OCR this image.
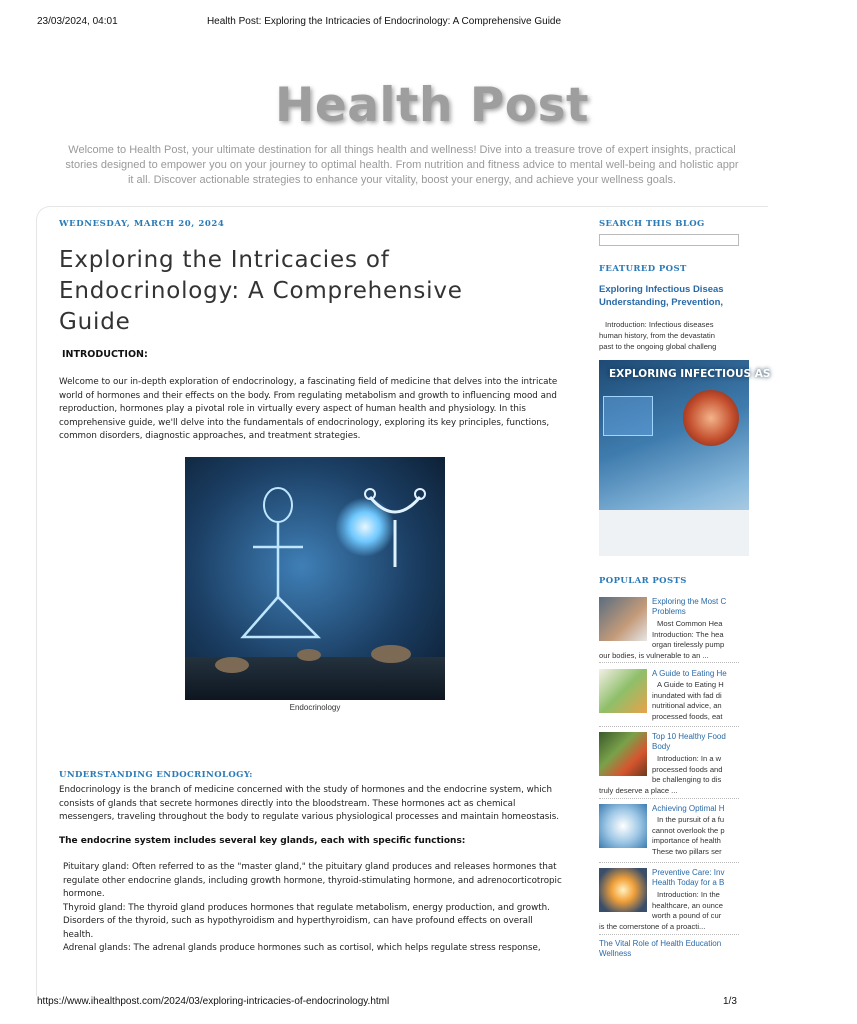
23/03/2024, 04:01	Health Post: Exploring the Intricacies of Endocrinology: A Comprehensive Guide
Health Post
Welcome to Health Post, your ultimate destination for all things health and wellness! Dive into a treasure trove of expert insights, practical
stories designed to empower you on your journey to optimal health. From nutrition and fitness advice to mental well-being and holistic appr
it all. Discover actionable strategies to enhance your vitality, boost your energy, and achieve your wellness goals.
WEDNESDAY, MARCH 20, 2024
Exploring the Intricacies of Endocrinology: A Comprehensive Guide
INTRODUCTION:

Welcome to our in-depth exploration of endocrinology, a fascinating field of medicine that delves into the intricate world of hormones and their effects on the body. From regulating metabolism and growth to influencing mood and reproduction, hormones play a pivotal role in virtually every aspect of human health and physiology. In this comprehensive guide, we'll delve into the fundamentals of endocrinology, exploring its key principles, functions, common disorders, diagnostic approaches, and treatment strategies.

Endocrinology
UNDERSTANDING ENDOCRINOLOGY:

Endocrinology is the branch of medicine concerned with the study of hormones and the endocrine system, which consists of glands that secrete hormones directly into the bloodstream. These hormones act as chemical messengers, traveling throughout the body to regulate various physiological processes and maintain homeostasis.

The endocrine system includes several key glands, each with specific functions:

Pituitary gland: Often referred to as the "master gland," the pituitary gland produces and releases hormones that regulate other endocrine glands, including growth hormone, thyroid-stimulating hormone, and adrenocorticotropic hormone.

Thyroid gland: The thyroid gland produces hormones that regulate metabolism, energy production, and growth. Disorders of the thyroid, such as hypothyroidism and hyperthyroidism, can have profound effects on overall health.

Adrenal glands: The adrenal glands produce hormones such as cortisol, which helps regulate stress response,

SEARCH THIS BLOG
FEATURED POST
Exploring Infectious Diseas
Understanding, Prevention,
Introduction: Infectious diseases
human history, from the devastatin
past to the ongoing global challeng
EXPLORING INFECTIOUS AS
POPULAR POSTS
Exploring the Most C
Problems
Most Common Hea
Introduction: The hea
organ tirelessly pump
our bodies, is vulnerable to an ...
A Guide to Eating He
A Guide to Eating H
inundated with fad di
nutritional advice, an
processed foods, eat
Top 10 Healthy Food
Body
Introduction: In a w
processed foods and
be challenging to dis
truly deserve a place ...
Achieving Optimal H
In the pursuit of a fu
cannot overlook the p
importance of health
These two pillars ser
Preventive Care: Inv
Health Today for a B
Introduction: In the
healthcare, an ounce
worth a pound of cur
is the cornerstone of a proacti...
The Vital Role of Health Education
Wellness
https://www.ihealthpost.com/2024/03/exploring-intricacies-of-endocrinology.html	1/3
